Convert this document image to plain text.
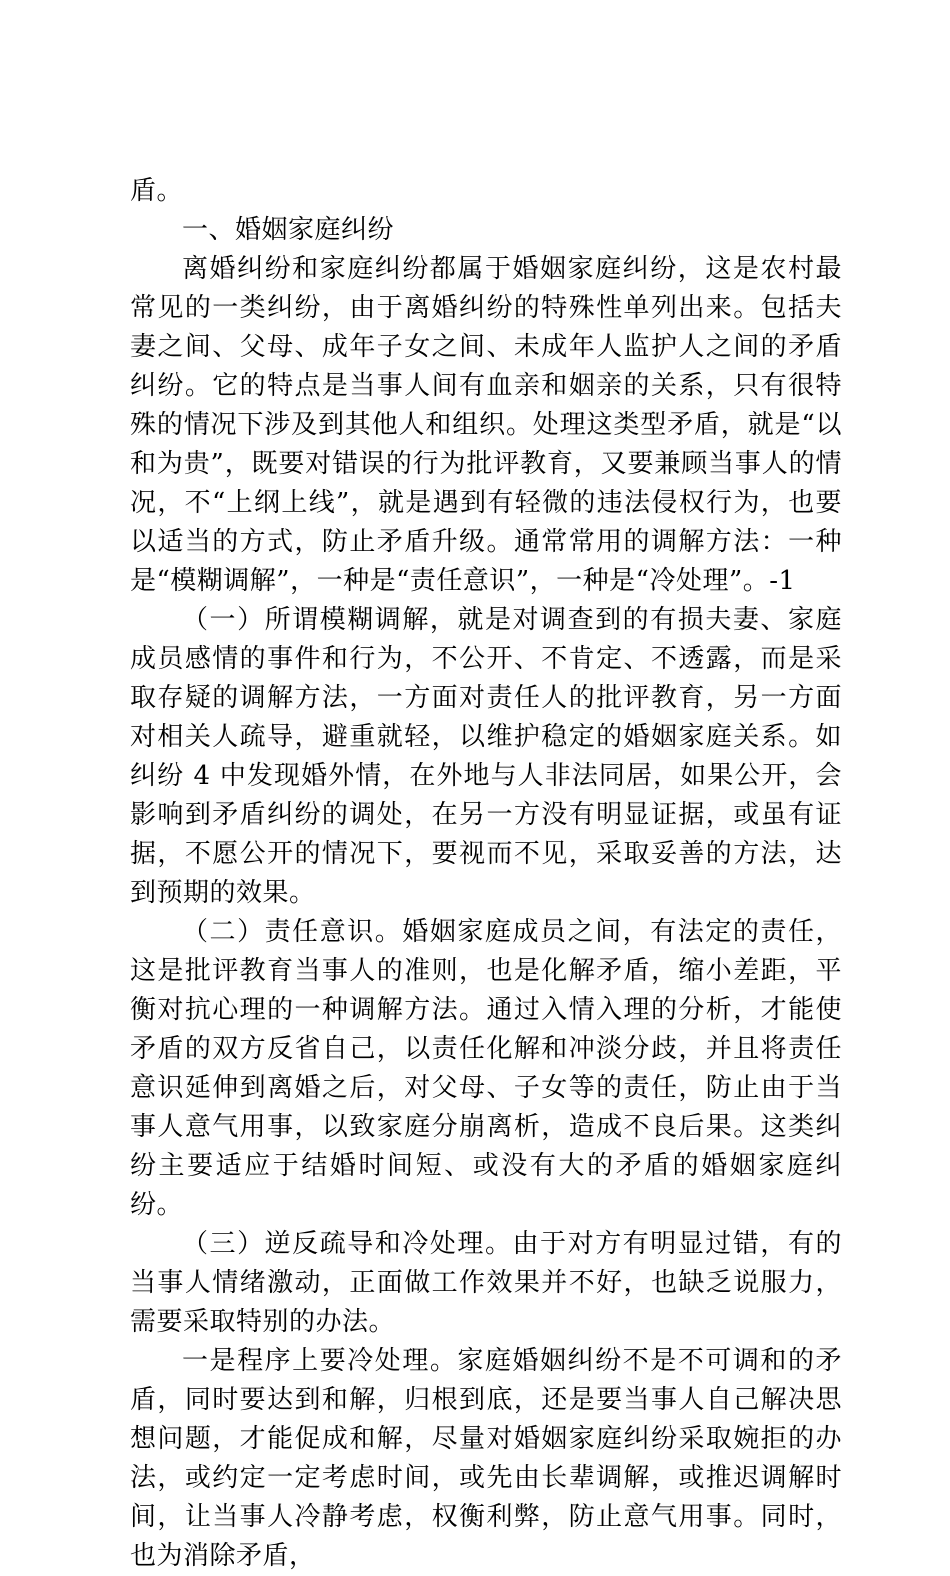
盾。

一、婚姻家庭纠纷

离婚纠纷和家庭纠纷都属于婚姻家庭纠纷，这是农村最常见的一类纠纷，由于离婚纠纷的特殊性单列出来。包括夫妻之间、父母、成年子女之间、未成年人监护人之间的矛盾纠纷。它的特点是当事人间有血亲和姻亲的关系，只有很特殊的情况下涉及到其他人和组织。处理这类型矛盾，就是“以和为贵”，既要对错误的行为批评教育，又要兼顾当事人的情况，不“上纲上线”，就是遇到有轻微的违法侵权行为，也要以适当的方式，防止矛盾升级。通常常用的调解方法：一种是“模糊调解”，一种是“责任意识”，一种是“冷处理”。-1

（一）所谓模糊调解，就是对调查到的有损夫妻、家庭成员感情的事件和行为，不公开、不肯定、不透露，而是采取存疑的调解方法，一方面对责任人的批评教育，另一方面对相关人疏导，避重就轻，以维护稳定的婚姻家庭关系。如纠纷 4 中发现婚外情，在外地与人非法同居，如果公开，会影响到矛盾纠纷的调处，在另一方没有明显证据，或虽有证据，不愿公开的情况下，要视而不见，采取妥善的方法，达到预期的效果。

（二）责任意识。婚姻家庭成员之间，有法定的责任，这是批评教育当事人的准则，也是化解矛盾，缩小差距，平衡对抗心理的一种调解方法。通过入情入理的分析，才能使矛盾的双方反省自己，以责任化解和冲淡分歧，并且将责任意识延伸到离婚之后，对父母、子女等的责任，防止由于当事人意气用事，以致家庭分崩离析，造成不良后果。这类纠纷主要适应于结婚时间短、或没有大的矛盾的婚姻家庭纠纷。

（三）逆反疏导和冷处理。由于对方有明显过错，有的当事人情绪激动，正面做工作效果并不好，也缺乏说服力，需要采取特别的办法。

一是程序上要冷处理。家庭婚姻纠纷不是不可调和的矛盾，同时要达到和解，归根到底，还是要当事人自己解决思想问题，才能促成和解，尽量对婚姻家庭纠纷采取婉拒的办法，或约定一定考虑时间，或先由长辈调解，或推迟调解时间，让当事人冷静考虑，权衡利弊，防止意气用事。同时，也为消除矛盾，
